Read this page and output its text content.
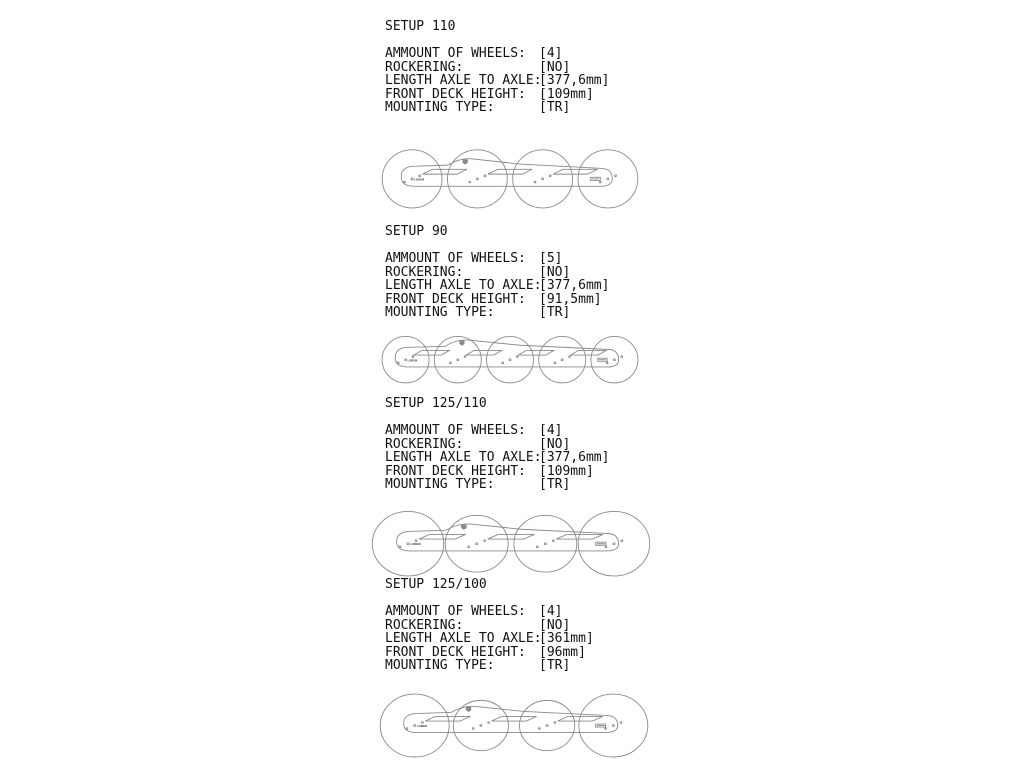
SETUP 110
AMMOUNT OF WHEELS:	[4]
ROCKERING:	[NO]
LENGTH AXLE TO AXLE:
[377,6mm]
FRONT DECK HEIGHT:	[109mm]
MOUNTING TYPE:	[TR]
LOREM
SETUP 90
AMMOUNT OF WHEELS:	[5]
ROCKERING:	[NO]
LENGTH AXLE TO AXLE:
[377,6mm]
FRONT DECK HEIGHT:	[91,5mm]
MOUNTING TYPE:	[TR]
LOREM
SETUP 125/110
AMMOUNT OF WHEELS:	[4]
ROCKERING:	[NO]
LENGTH AXLE TO AXLE:
[377,6mm]
FRONT DECK HEIGHT:	[109mm]
MOUNTING TYPE:	[TR]
LOREM
SETUP 125/100
AMMOUNT OF WHEELS:	[4]
ROCKERING:	[NO]
LENGTH AXLE TO AXLE:
[361mm]
FRONT DECK HEIGHT:	[96mm]
MOUNTING TYPE:	[TR]
LOREM
